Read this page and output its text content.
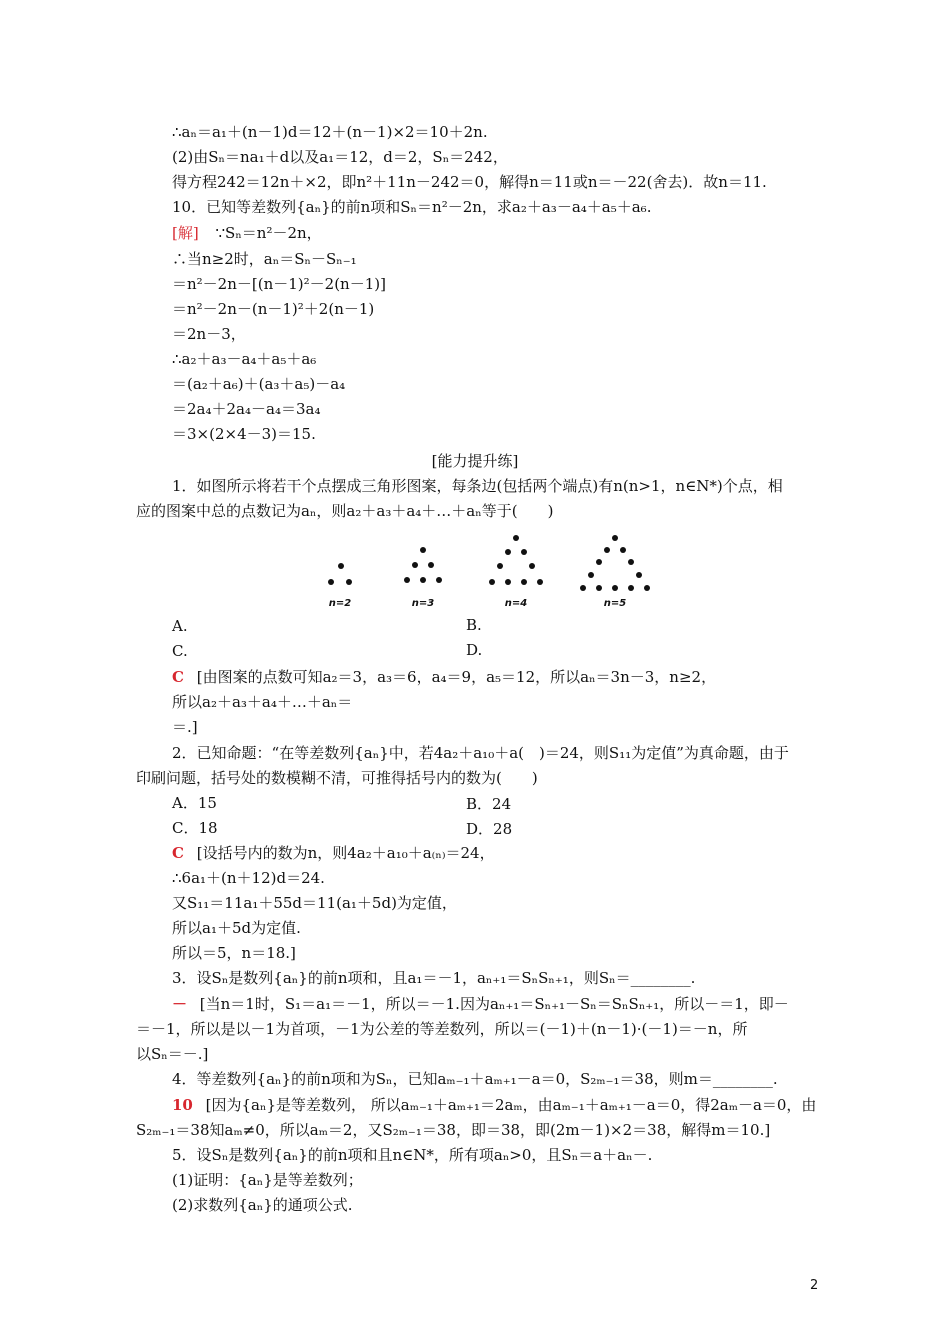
∴aₙ＝a₁＋(n－1)d＝12＋(n－1)×2＝10＋2n.
(2)由Sₙ＝na₁＋d以及a₁＝12，d＝2，Sₙ＝242，
得方程242＝12n＋×2，即n²＋11n－242＝0，解得n＝11或n＝－22(舍去)．故n＝11.
10．已知等差数列{aₙ}的前n项和Sₙ＝n²－2n，求a₂＋a₃－a₄＋a₅＋a₆.
[解] ∵Sₙ＝n²－2n，
∴当n≥2时，aₙ＝Sₙ－Sₙ₋₁
＝n²－2n－[(n－1)²－2(n－1)]
＝n²－2n－(n－1)²＋2(n－1)
＝2n－3，
∴a₂＋a₃－a₄＋a₅＋a₆
＝(a₂＋a₆)＋(a₃＋a₅)－a₄
＝2a₄＋2a₄－a₄＝3a₄
＝3×(2×4－3)＝15.
[能力提升练]
1．如图所示将若干个点摆成三角形图案，每条边(包括两个端点)有n(n>1，n∈N*)个点，相
应的图案中总的点数记为aₙ，则a₂＋a₃＋a₄＋…＋aₙ等于(　　)
n=2	n=3	n=4	n=5
A.	B.
C.	D.
C [由图案的点数可知a₂＝3，a₃＝6，a₄＝9，a₅＝12，所以aₙ＝3n－3，n≥2，
所以a₂＋a₃＋a₄＋…＋aₙ＝
＝.]
2．已知命题：“在等差数列{aₙ}中，若4a₂＋a₁₀＋a(　)＝24，则S₁₁为定值”为真命题，由于
印刷问题，括号处的数模糊不清，可推得括号内的数为(　　)
A．15	B．24
C．18	D．28
C [设括号内的数为n，则4a₂＋a₁₀＋a₍ₙ₎＝24，
∴6a₁＋(n＋12)d＝24.
又S₁₁＝11a₁＋55d＝11(a₁＋5d)为定值，
所以a₁＋5d为定值.
所以＝5，n＝18.]
3．设Sₙ是数列{aₙ}的前n项和，且a₁＝－1，aₙ₊₁＝SₙSₙ₊₁，则Sₙ＝________.
－ [当n＝1时，S₁＝a₁＝－1，所以＝－1.因为aₙ₊₁＝Sₙ₊₁－Sₙ＝SₙSₙ₊₁，所以－＝1，即－
＝－1，所以是以－1为首项，－1为公差的等差数列，所以＝(－1)＋(n－1)·(－1)＝－n，所
以Sₙ＝－.]
4．等差数列{aₙ}的前n项和为Sₙ，已知aₘ₋₁＋aₘ₊₁－a＝0，S₂ₘ₋₁＝38，则m＝________.
10 [因为{aₙ}是等差数列， 所以aₘ₋₁＋aₘ₊₁＝2aₘ，由aₘ₋₁＋aₘ₊₁－a＝0，得2aₘ－a＝0，由
S₂ₘ₋₁＝38知aₘ≠0，所以aₘ＝2，又S₂ₘ₋₁＝38，即＝38，即(2m－1)×2＝38，解得m＝10.]
5．设Sₙ是数列{aₙ}的前n项和且n∈N*，所有项aₙ>0，且Sₙ＝a＋aₙ－.
(1)证明：{aₙ}是等差数列；
(2)求数列{aₙ}的通项公式.
2
